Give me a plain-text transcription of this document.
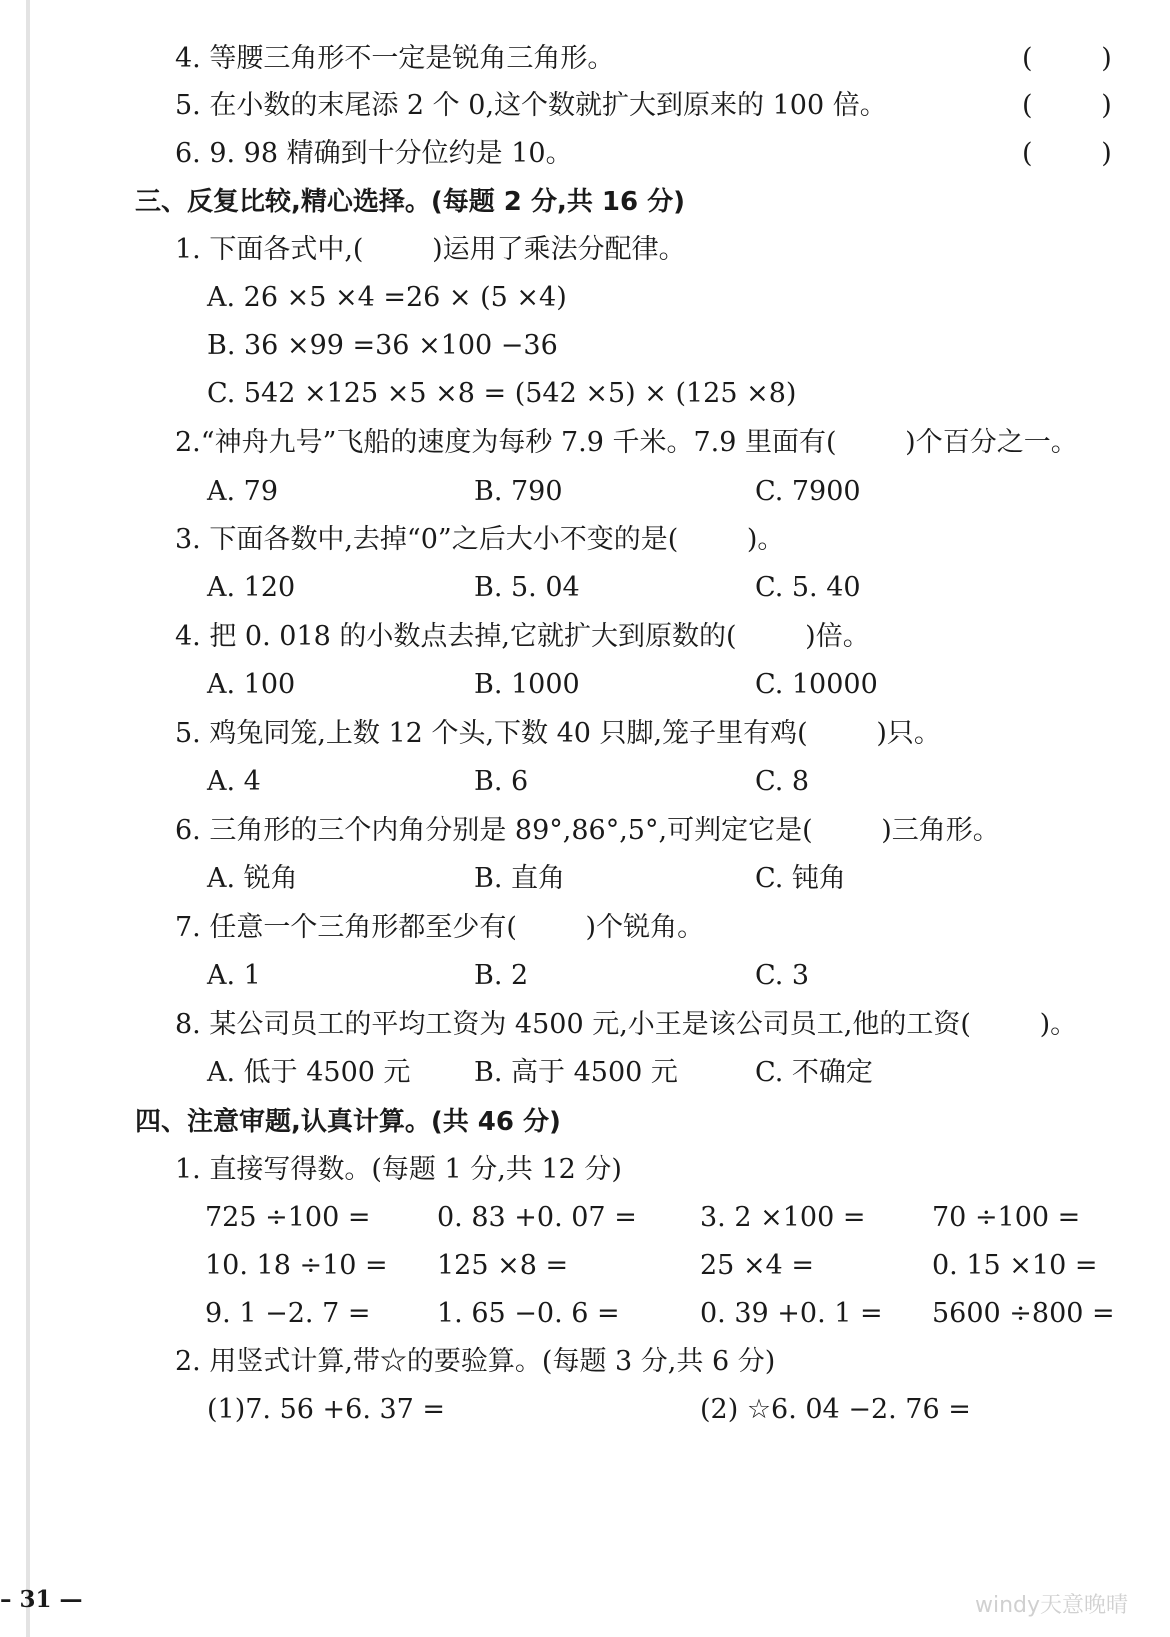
4. 等腰三角形不一定是锐角三角形。	(        )
5. 在小数的末尾添 2 个 0,这个数就扩大到原来的 100 倍。	(        )
6. 9. 98 精确到十分位约是 10。	(        )
三、反复比较,精心选择。(每题 2 分,共 16 分)
1. 下面各式中,(        )运用了乘法分配律。
A. 26 ×5 ×4 =26 × (5 ×4)
B. 36 ×99 =36 ×100 −36
C. 542 ×125 ×5 ×8 = (542 ×5) × (125 ×8)
2.“神舟九号”飞船的速度为每秒 7.9 千米。7.9 里面有(        )个百分之一。
A. 79	B. 790	C. 7900
3. 下面各数中,去掉“0”之后大小不变的是(        )。
A. 120	B. 5. 04	C. 5. 40
4. 把 0. 018 的小数点去掉,它就扩大到原数的(        )倍。
A. 100	B. 1000	C. 10000
5. 鸡兔同笼,上数 12 个头,下数 40 只脚,笼子里有鸡(        )只。
A. 4	B. 6	C. 8
6. 三角形的三个内角分别是 89°,86°,5°,可判定它是(        )三角形。
A. 锐角	B. 直角	C. 钝角
7. 任意一个三角形都至少有(        )个锐角。
A. 1	B. 2	C. 3
8. 某公司员工的平均工资为 4500 元,小王是该公司员工,他的工资(        )。
A. 低于 4500 元 B. 高于 4500 元	C. 不确定
四、注意审题,认真计算。(共 46 分)
1. 直接写得数。(每题 1 分,共 12 分)
725 ÷100 = 0. 83 +0. 07 = 3. 2 ×100 = 70 ÷100 =
10. 18 ÷10 = 125 ×8 =	25 ×4 =	0. 15 ×10 =
9. 1 −2. 7 = 1. 65 −0. 6 =	0. 39 +0. 1 = 5600 ÷800 =
2. 用竖式计算,带☆的要验算。(每题 3 分,共 6 分)
(1)7. 56 +6. 37 =	(2) ☆6. 04 −2. 76 =
– 31 —	windy天意晚晴
